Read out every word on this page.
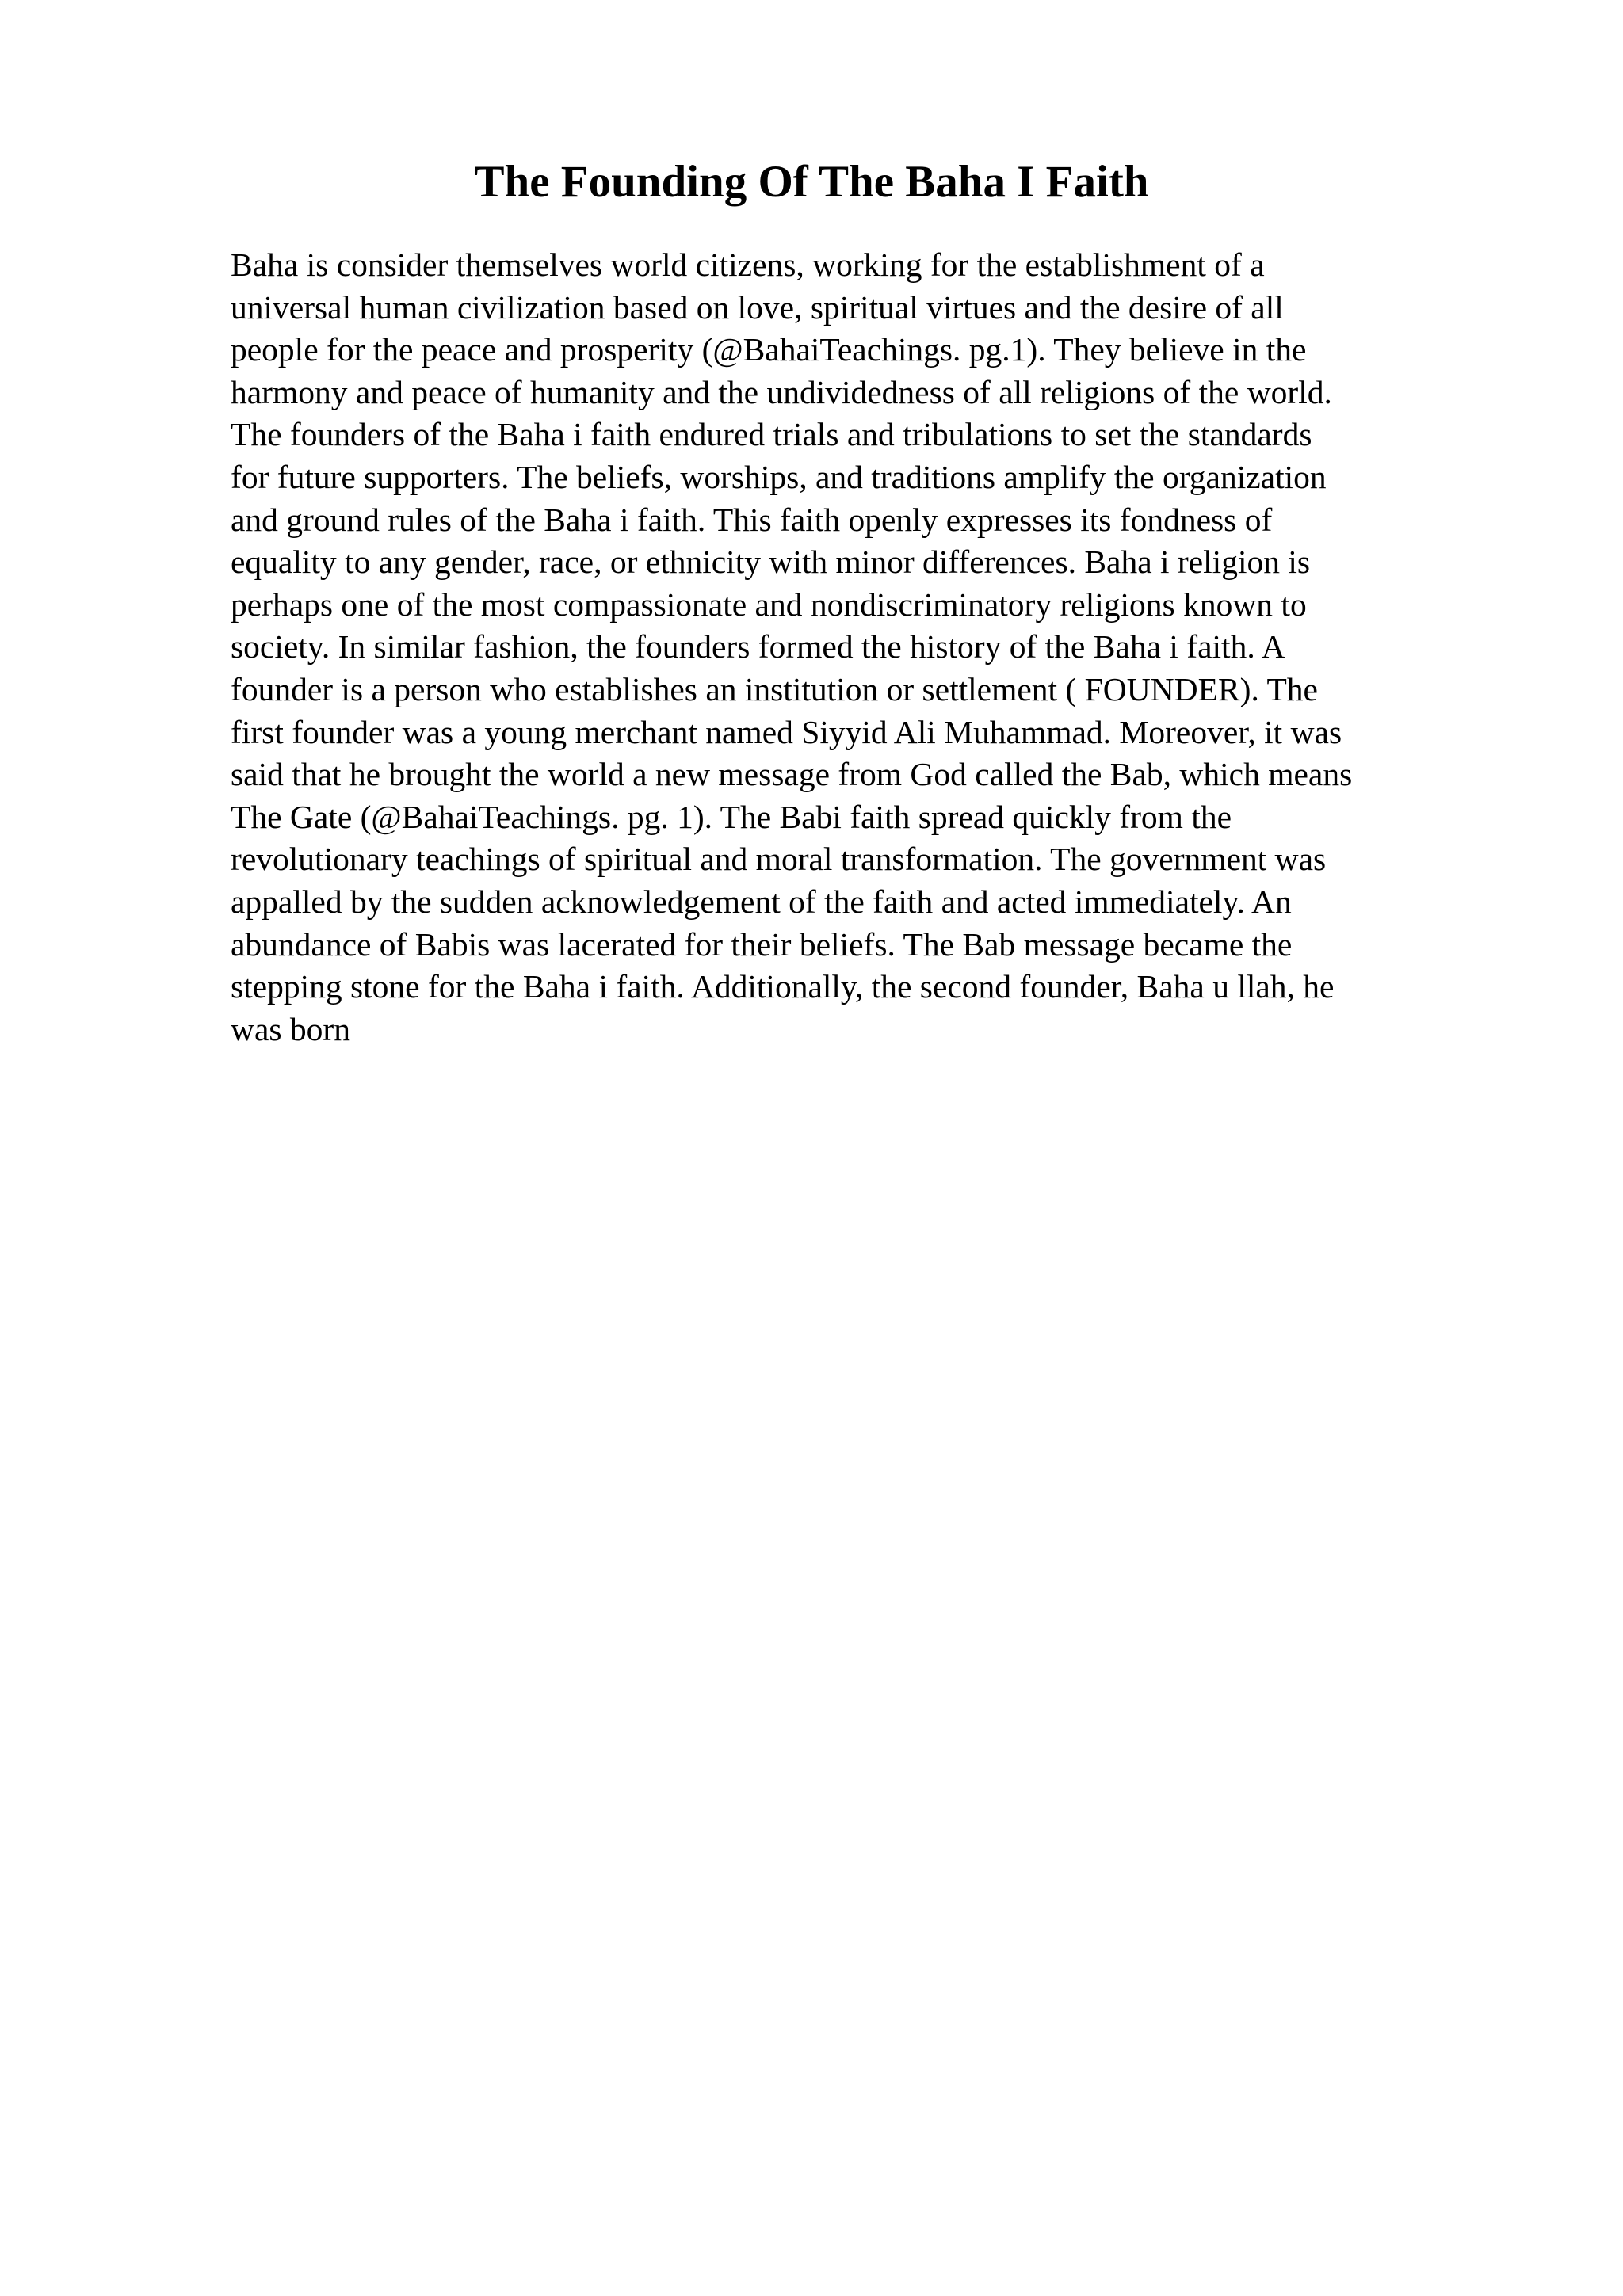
The Founding Of The Baha I Faith
Baha is consider themselves world citizens, working for the establishment of a
universal human civilization based on love, spiritual virtues and the desire of all
people for the peace and prosperity (@BahaiTeachings. pg.1). They believe in the
harmony and peace of humanity and the undividedness of all religions of the world.
The founders of the Baha i faith endured trials and tribulations to set the standards
for future supporters. The beliefs, worships, and traditions amplify the organization
and ground rules of the Baha i faith. This faith openly expresses its fondness of
equality to any gender, race, or ethnicity with minor differences. Baha i religion is
perhaps one of the most compassionate and nondiscriminatory religions known to
society. In similar fashion, the founders formed the history of the Baha i faith. A
founder is a person who establishes an institution or settlement ( FOUNDER). The
first founder was a young merchant named Siyyid Ali Muhammad. Moreover, it was
said that he brought the world a new message from God called the Bab, which means
The Gate (@BahaiTeachings. pg. 1). The Babi faith spread quickly from the
revolutionary teachings of spiritual and moral transformation. The government was
appalled by the sudden acknowledgement of the faith and acted immediately. An
abundance of Babis was lacerated for their beliefs. The Bab message became the
stepping stone for the Baha i faith. Additionally, the second founder, Baha u llah, he
was born
